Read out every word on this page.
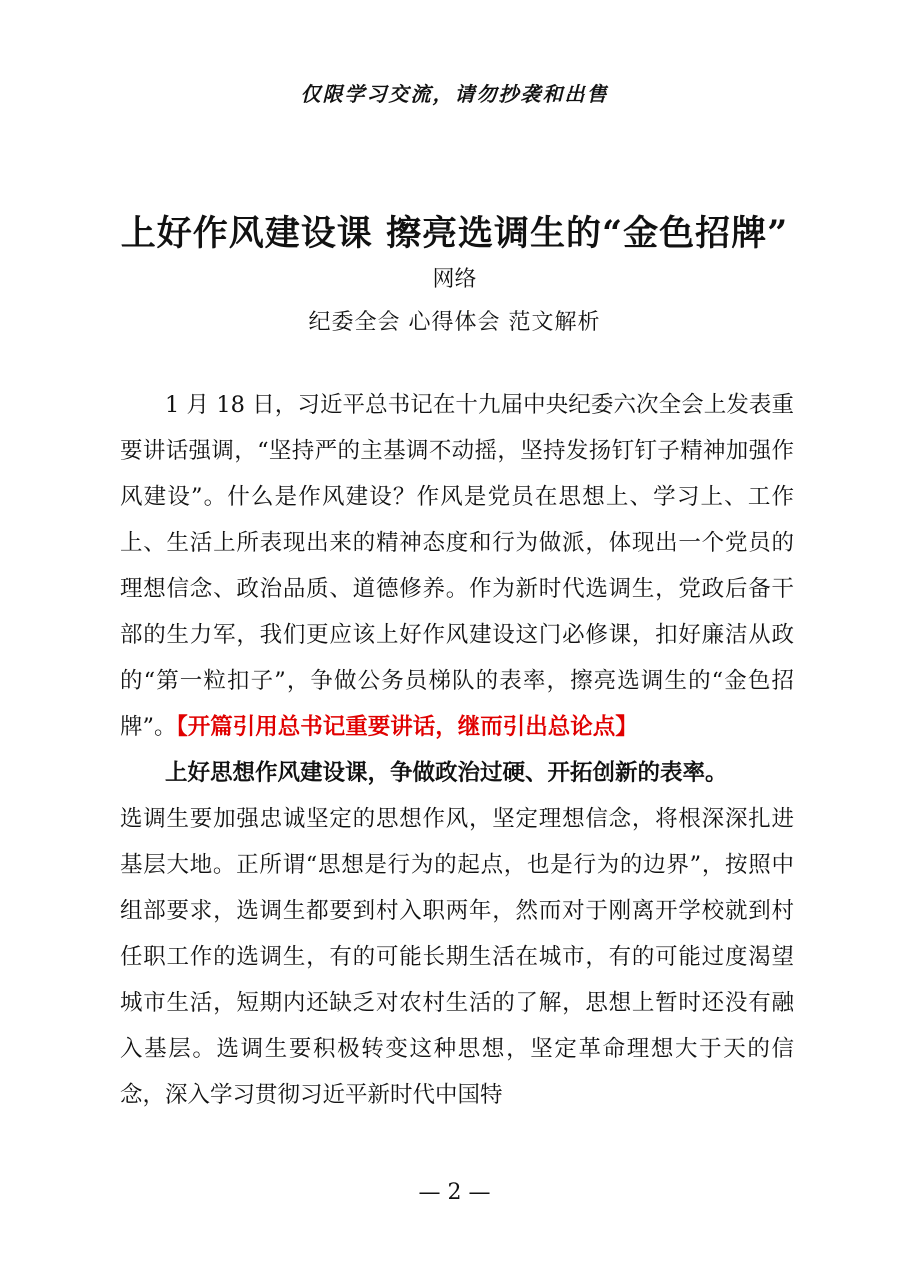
仅限学习交流，请勿抄袭和出售
上好作风建设课 擦亮选调生的“金色招牌”
网络
纪委全会 心得体会 范文解析

1 月 18 日，习近平总书记在十九届中央纪委六次全会上发表重要讲话强调，“坚持严的主基调不动摇，坚持发扬钉钉子精神加强作风建设”。什么是作风建设？作风是党员在思想上、学习上、工作上、生活上所表现出来的精神态度和行为做派，体现出一个党员的理想信念、政治品质、道德修养。作为新时代选调生，党政后备干部的生力军，我们更应该上好作风建设这门必修课，扣好廉洁从政的“第一粒扣子”，争做公务员梯队的表率，擦亮选调生的“金色招牌”。【开篇引用总书记重要讲话，继而引出总论点】

上好思想作风建设课，争做政治过硬、开拓创新的表率。

选调生要加强忠诚坚定的思想作风，坚定理想信念，将根深深扎进基层大地。正所谓“思想是行为的起点，也是行为的边界”，按照中组部要求，选调生都要到村入职两年，然而对于刚离开学校就到村任职工作的选调生，有的可能长期生活在城市，有的可能过度渴望城市生活，短期内还缺乏对农村生活的了解，思想上暂时还没有融入基层。选调生要积极转变这种思想，坚定革命理想大于天的信念，深入学习贯彻习近平新时代中国特

— 2 —
